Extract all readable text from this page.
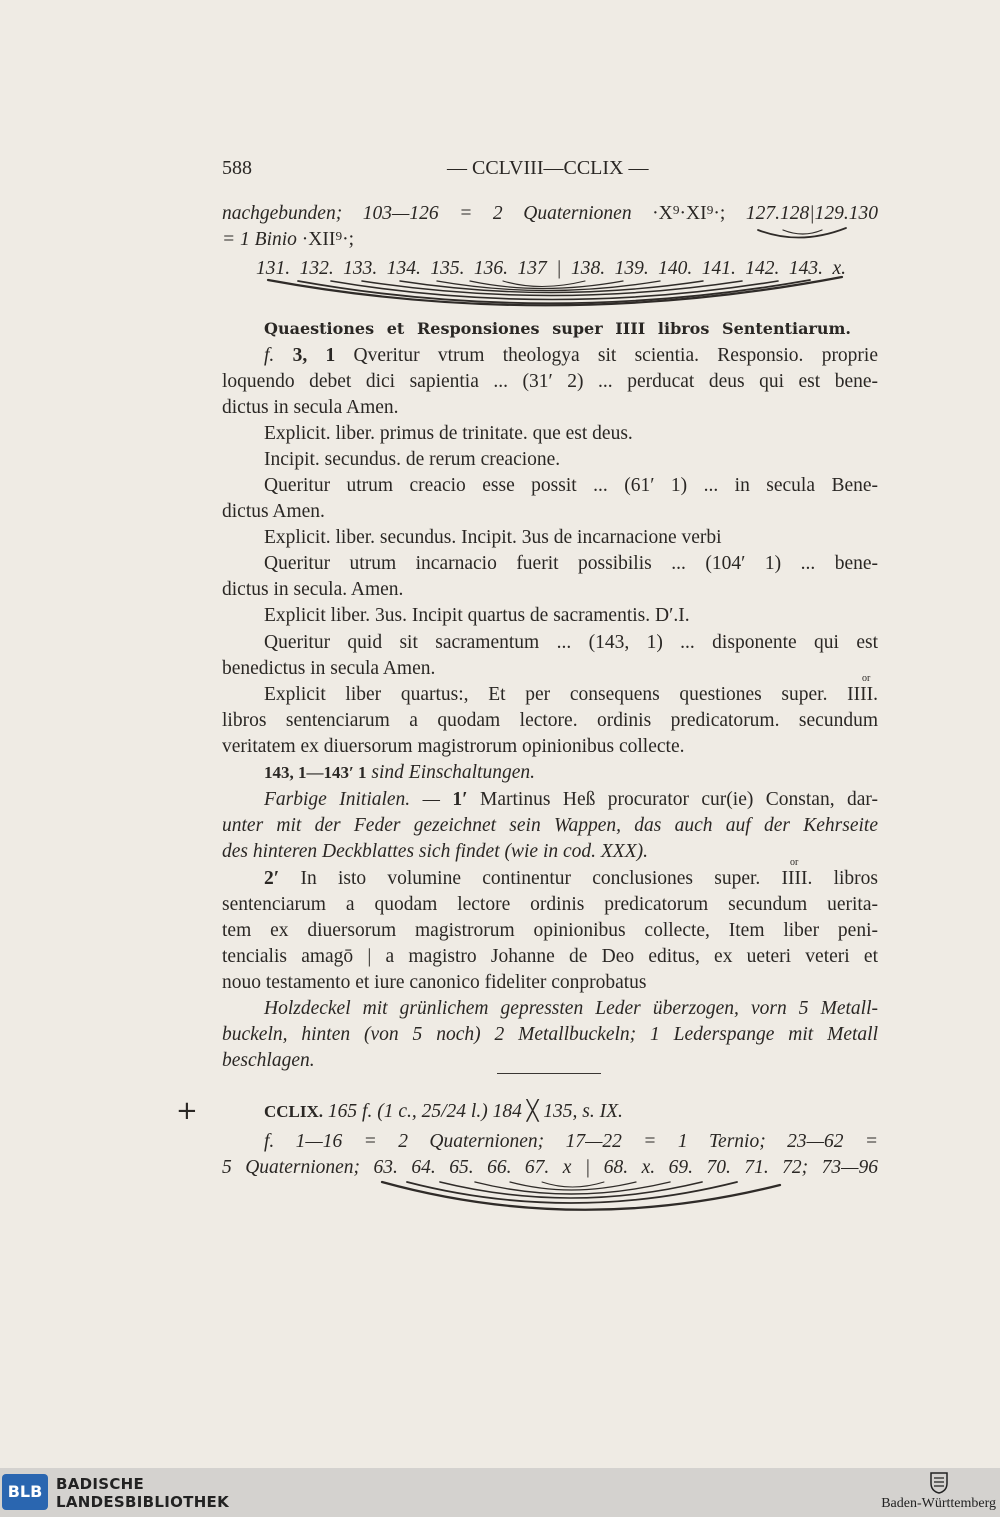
588	— CCLVIII—CCLIX —
nachgebunden; 103—126 = 2 Quaternionen ·X⁹·XI⁹·; 127.128|129.130
= 1 Binio ·XII⁹·;
131. 132. 133. 134. 135. 136. 137 | 138. 139. 140. 141. 142. 143. x.
Quaestiones et Responsiones super IIII libros Sententiarum.
f. 3, 1 Qveritur vtrum theologya sit scientia. Responsio. proprie
loquendo debet dici sapientia ... (31′ 2) ... perducat deus qui est bene-
dictus in secula Amen.
Explicit. liber. primus de trinitate. que est deus.
Incipit. secundus. de rerum creacione.
Queritur utrum creacio esse possit ... (61′ 1) ... in secula Bene-
dictus Amen.
Explicit. liber. secundus. Incipit. 3us de incarnacione verbi
Queritur utrum incarnacio fuerit possibilis ... (104′ 1) ... bene-
dictus in secula. Amen.
Explicit liber. 3us. Incipit quartus de sacramentis. D′.I.
Queritur quid sit sacramentum ... (143, 1) ... disponente qui est
benedictus in secula Amen.	or
Explicit liber quartus:, Et per consequens questiones super. IIII.
libros sentenciarum a quodam lectore. ordinis predicatorum. secundum
veritatem ex diuersorum magistrorum opinionibus collecte.
143, 1—143′ 1 sind Einschaltungen.
Farbige Initialen. — 1′ Martinus Heß procurator cur(ie) Constan, dar-
unter mit der Feder gezeichnet sein Wappen, das auch auf der Kehrseite
des hinteren Deckblattes sich findet (wie in cod. XXX).
or
2′ In isto volumine continentur conclusiones super. IIII. libros
sentenciarum a quodam lectore ordinis predicatorum secundum uerita-
tem ex diuersorum magistrorum opinionibus collecte, Item liber peni-
tencialis amagō | a magistro Johanne de Deo editus, ex ueteri veteri et
nouo testamento et iure canonico fideliter conprobatus
Holzdeckel mit grünlichem gepressten Leder überzogen, vorn 5 Metall-
buckeln, hinten (von 5 noch) 2 Metallbuckeln; 1 Lederspange mit Metall
beschlagen.
+	CCLIX. 165 f. (1 c., 25/24 l.) 184 ╳ 135, s. IX.
f. 1—16 = 2 Quaternionen; 17—22 = 1 Ternio; 23—62 =
5 Quaternionen; 63. 64. 65. 66. 67. x | 68. x. 69. 70. 71. 72; 73—96
BLB BADISCHE
LANDESBIBLIOTHEK	Baden-Württemberg
